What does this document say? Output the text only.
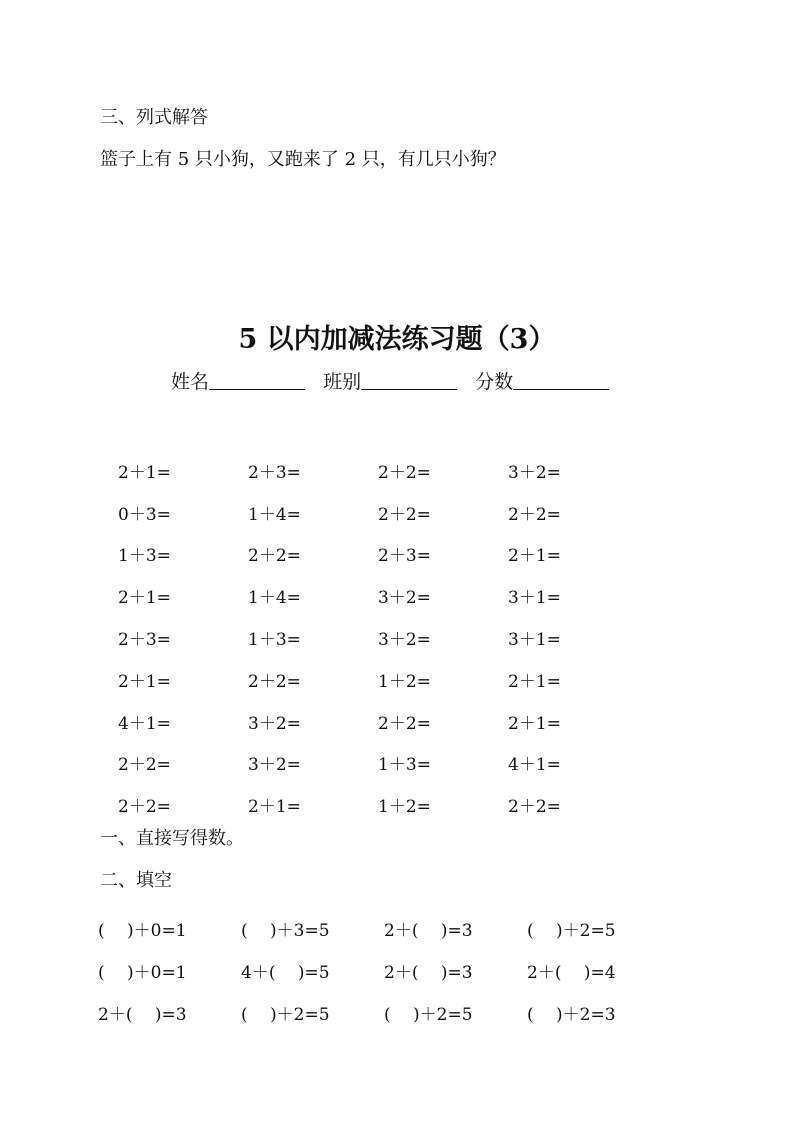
三、列式解答
篮子上有 5 只小狗，又跑来了 2 只，有几只小狗？
5 以内加减法练习题（3）
姓名	班别	分数
2＋1=	2＋3=	2＋2=	3＋2=
0＋3=	1＋4=	2＋2=	2＋2=
1＋3=	2＋2=	2＋3=	2＋1=
2＋1=	1＋4=	3＋2=	3＋1=
2＋3=	1＋3=	3＋2=	3＋1=
2＋1=	2＋2=	1＋2=	2＋1=
4＋1=	3＋2=	2＋2=	2＋1=
2＋2=	3＋2=	1＋3=	4＋1=
2＋2=	2＋1=	1＋2=	2＋2=
一、直接写得数。
二、填空
(　 )＋0=1	(　 )＋3=5	2＋(　 )=3	(　 )＋2=5
(　 )＋0=1	4＋(　 )=5	2＋(　 )=3	2＋(　 )=4
2＋(　 )=3	(　 )＋2=5	(　 )＋2=5	(　 )＋2=3
